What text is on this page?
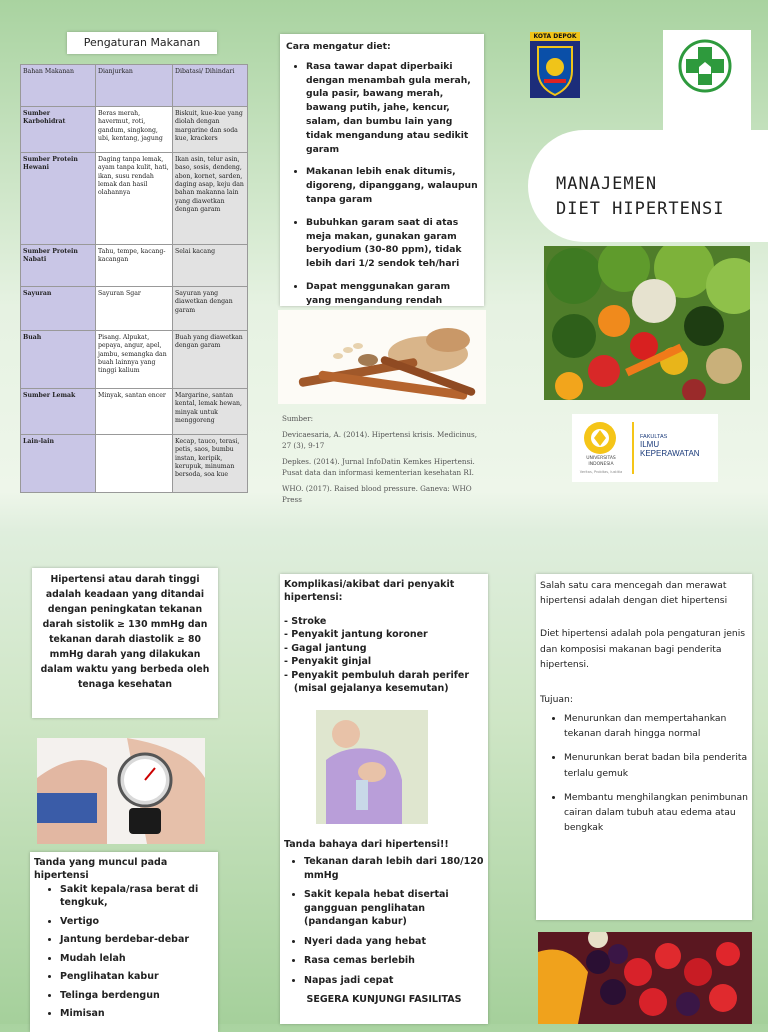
Pengaturan Makanan
Bahan Makanan	Dianjurkan	Dibatasi/ Dihindari
Sumber Karbohidrat	Beras merah, havermut, roti, gandum, singkong, ubi, kentang, jagung	Biskuit, kue-kue yang diolah dengan margarine dan soda kue, krackers
Sumber Protein Hewani	Daging tanpa lemak, ayam tanpa kulit, hati, ikan, susu rendah lemak dan hasil olahannya	Ikan asin, telur asin, baso, sosis, dendeng, abon, kornet, sarden, daging asap, keju dan bahan makanna lain yang diawetkan dengan garam
Sumber Protein Nabati	Tahu, tempe, kacang-kacangan	Selai kacang
Sayuran	Sayuran Sgar	Sayuran yang diawetkan dengan garam
Buah	Pisang. Alpukat, pepaya, angur, apel, jambu, semangka dan buah lainnya yang tinggi kalium	Buah yang diawetkan dengan garam
Sumber Lemak	Minyak, santan encer	Margarine, santan kental, lemak hewan, minyak untuk menggoreng
Lain-lain		Kecap, tauco, terasi, petis, saos, bumbu instan, keripik, kerupuk, minuman bersoda, soa kue
Cara mengatur diet:
• Rasa tawar dapat diperbaiki dengan menambah gula merah, gula pasir, bawang merah, bawang putih, jahe, kencur, salam, dan bumbu lain yang tidak mengandung atau sedikit garam
• Makanan lebih enak ditumis, digoreng, dipanggang, walaupun tanpa garam
• Bubuhkan garam saat di atas meja makan, gunakan garam beryodium (30-80 ppm), tidak lebih dari 1/2 sendok teh/hari
• Dapat menggunakan garam yang mengandung rendah
Sumber:
Devicaesaria, A. (2014). Hipertensi krisis. Medicinus, 27 (3), 9-17
Depkes. (2014). Jurnal InfoDatin Kemkes Hipertensi. Pusat data dan informasi kementerian kesehatan RI.
WHO. (2017). Raised blood pressure. Ganeva: WHO Press
KOTA DEPOK
MANAJEMEN
DIET HIPERTENSI
UNIVERSITAS INDONESIA
Veritas, Probitas, Iustitia
FAKULTAS
ILMU
KEPERAWATAN
Hipertensi atau darah tinggi adalah keadaan yang ditandai dengan peningkatan tekanan darah sistolik ≥ 130 mmHg dan tekanan darah diastolik ≥ 80 mmHg darah yang dilakukan dalam waktu yang berbeda oleh tenaga kesehatan
Tanda yang muncul pada hipertensi
• Sakit kepala/rasa berat di tengkuk,
• Vertigo
• Jantung berdebar-debar
• Mudah lelah
• Penglihatan kabur
• Telinga berdengun
• Mimisan
Komplikasi/akibat dari penyakit hipertensi:
- Stroke
- Penyakit jantung koroner
- Gagal jantung
- Penyakit ginjal
- Penyakit pembuluh darah perifer
(misal gejalanya kesemutan)
Tanda bahaya dari hipertensi!!
• Tekanan darah lebih dari 180/120 mmHg
• Sakit kepala hebat disertai gangguan penglihatan (pandangan kabur)
• Nyeri dada yang hebat
• Rasa cemas berlebih
• Napas jadi cepat
SEGERA KUNJUNGI FASILITAS
Salah satu cara mencegah dan merawat hipertensi adalah dengan diet hipertensi
Diet hipertensi adalah pola pengaturan jenis dan komposisi makanan bagi penderita hipertensi.
Tujuan:
• Menurunkan dan mempertahankan tekanan darah hingga normal
• Menurunkan berat badan bila penderita terlalu gemuk
• Membantu menghilangkan penimbunan cairan dalam tubuh atau edema atau bengkak
